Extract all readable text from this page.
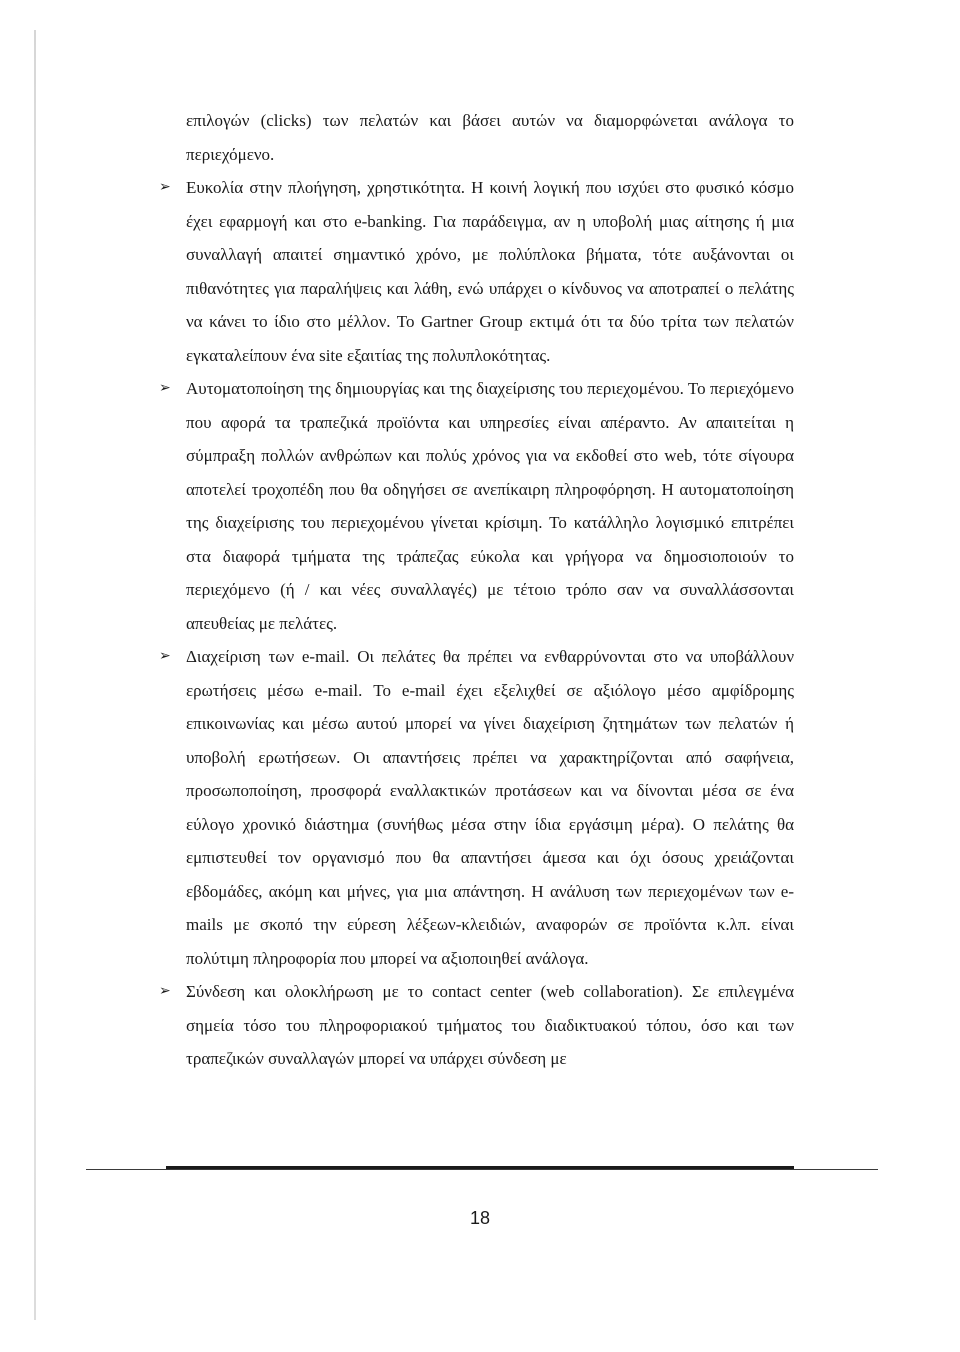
επιλογών (clicks) των πελατών και βάσει αυτών να διαμορφώνεται ανάλογα το περιεχόμενο.

➢ Ευκολία στην πλοήγηση, χρηστικότητα. Η κοινή λογική που ισχύει στο φυσικό κόσμο έχει εφαρμογή και στο e-banking. Για παράδειγμα, αν η υποβολή μιας αίτησης ή μια συναλλαγή απαιτεί σημαντικό χρόνο, με πολύπλοκα βήματα, τότε αυξάνονται οι πιθανότητες για παραλήψεις και λάθη, ενώ υπάρχει ο κίνδυνος να αποτραπεί ο πελάτης να κάνει το ίδιο στο μέλλον. Το Gartner Group εκτιμά ότι τα δύο τρίτα των πελατών εγκαταλείπουν ένα site εξαιτίας της πολυπλοκότητας.

➢ Αυτοματοποίηση της δημιουργίας και της διαχείρισης του περιεχομένου. Το περιεχόμενο που αφορά τα τραπεζικά προϊόντα και υπηρεσίες είναι απέραντο. Αν απαιτείται η σύμπραξη πολλών ανθρώπων και πολύς χρόνος για να εκδοθεί στο web, τότε σίγουρα αποτελεί τροχοπέδη που θα οδηγήσει σε ανεπίκαιρη πληροφόρηση. Η αυτοματοποίηση της διαχείρισης του περιεχομένου γίνεται κρίσιμη. Το κατάλληλο λογισμικό επιτρέπει στα διαφορά τμήματα της τράπεζας εύκολα και γρήγορα να δημοσιοποιούν το περιεχόμενο (ή / και νέες συναλλαγές) με τέτοιο τρόπο σαν να συναλλάσσονται απευθείας με πελάτες.

➢ Διαχείριση των e-mail. Οι πελάτες θα πρέπει να ενθαρρύνονται στο να υποβάλλουν ερωτήσεις μέσω e-mail. Το e-mail έχει εξελιχθεί σε αξιόλογο μέσο αμφίδρομης επικοινωνίας και μέσω αυτού μπορεί να γίνει διαχείριση ζητημάτων των πελατών ή υποβολή ερωτήσεων. Οι απαντήσεις πρέπει να χαρακτηρίζονται από σαφήνεια, προσωποποίηση, προσφορά εναλλακτικών προτάσεων και να δίνονται μέσα σε ένα εύλογο χρονικό διάστημα (συνήθως μέσα στην ίδια εργάσιμη μέρα). Ο πελάτης θα εμπιστευθεί τον οργανισμό που θα απαντήσει άμεσα και όχι όσους χρειάζονται εβδομάδες, ακόμη και μήνες, για μια απάντηση. Η ανάλυση των περιεχομένων των e-mails με σκοπό την εύρεση λέξεων-κλειδιών, αναφορών σε προϊόντα κ.λπ. είναι πολύτιμη πληροφορία που μπορεί να αξιοποιηθεί ανάλογα.

➢ Σύνδεση και ολοκλήρωση με το contact center (web collaboration). Σε επιλεγμένα σημεία τόσο του πληροφοριακού τμήματος του διαδικτυακού τόπου, όσο και των τραπεζικών συναλλαγών μπορεί να υπάρχει σύνδεση με

18
